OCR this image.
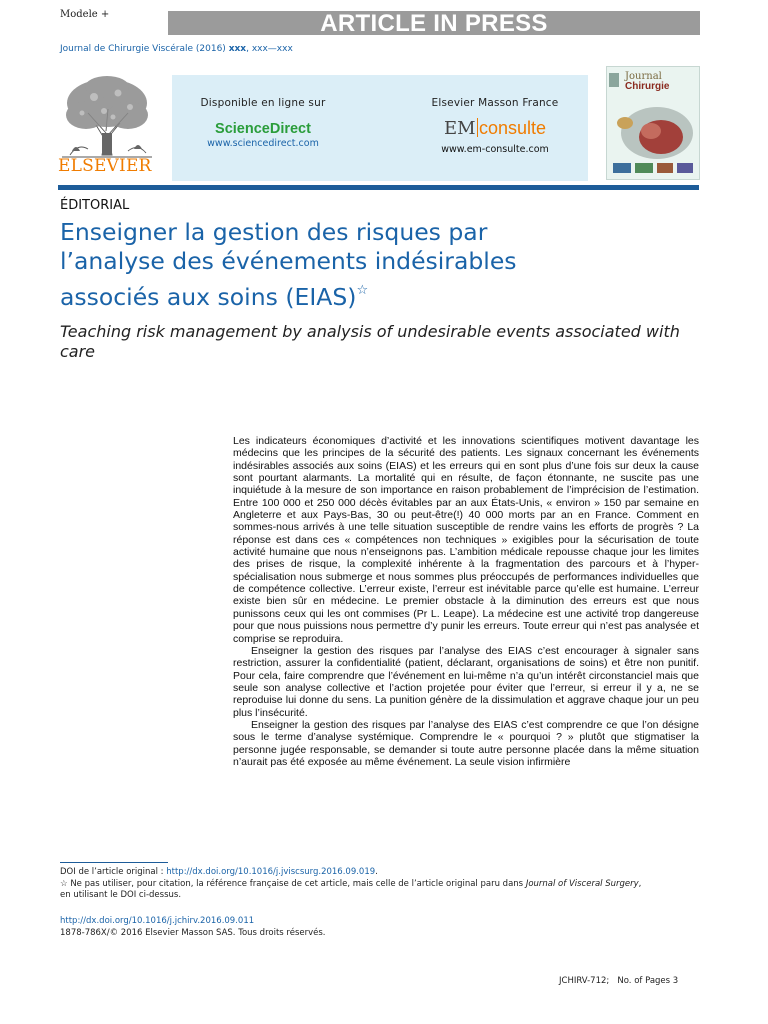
Modele +	ARTICLE IN PRESS
Journal de Chirurgie Viscérale (2016) xxx, xxx—xxx
ELSEVIER
Disponible en ligne sur
ScienceDirect
www.sciencedirect.com
Elsevier Masson France
EM consulte
www.em-consulte.com
Journal
Chirurgie
ÉDITORIAL
Enseigner la gestion des risques par
l’analyse des événements indésirables
associés aux soins (EIAS)☆
Teaching risk management by analysis of undesirable events associated with care

Les indicateurs économiques d’activité et les innovations scientifiques motivent davantage les médecins que les principes de la sécurité des patients. Les signaux concernant les événements indésirables associés aux soins (EIAS) et les erreurs qui en sont plus d’une fois sur deux la cause sont pourtant alarmants. La mortalité qui en résulte, de façon étonnante, ne suscite pas une inquiétude à la mesure de son importance en raison probablement de l’imprécision de l’estimation. Entre 100 000 et 250 000 décès évitables par an aux États-Unis, « environ » 150 par semaine en Angleterre et aux Pays-Bas, 30 ou peut-être(!) 40 000 morts par an en France. Comment en sommes-nous arrivés à une telle situation susceptible de rendre vains les efforts de progrès ? La réponse est dans ces « compétences non techniques » exigibles pour la sécurisation de toute activité humaine que nous n’enseignons pas. L’ambition médicale repousse chaque jour les limites des prises de risque, la complexité inhérente à la fragmentation des parcours et à l’hyper-spécialisation nous submerge et nous sommes plus préoccupés de performances individuelles que de compétence collective. L’erreur existe, l’erreur est inévitable parce qu’elle est humaine. L’erreur existe bien sûr en médecine. Le premier obstacle à la diminution des erreurs est que nous punissons ceux qui les ont commises (Pr L. Leape). La médecine est une activité trop dangereuse pour que nous puissions nous permettre d’y punir les erreurs. Toute erreur qui n’est pas analysée et comprise se reproduira.

Enseigner la gestion des risques par l’analyse des EIAS c’est encourager à signaler sans restriction, assurer la confidentialité (patient, déclarant, organisations de soins) et être non punitif. Pour cela, faire comprendre que l’événement en lui-même n’a qu’un intérêt circonstanciel mais que seule son analyse collective et l’action projetée pour éviter que l’erreur, si erreur il y a, ne se reproduise lui donne du sens. La punition génère de la dissimulation et aggrave chaque jour un peu plus l’insécurité.

Enseigner la gestion des risques par l’analyse des EIAS c’est comprendre ce que l’on désigne sous le terme d’analyse systémique. Comprendre le « pourquoi ? » plutôt que stigmatiser la personne jugée responsable, se demander si toute autre personne placée dans la même situation n’aurait pas été exposée au même événement. La seule vision infirmière

DOI de l’article original : http://dx.doi.org/10.1016/j.jviscsurg.2016.09.019.
☆ Ne pas utiliser, pour citation, la référence française de cet article, mais celle de l’article original paru dans Journal of Visceral Surgery,
en utilisant le DOI ci-dessus.
http://dx.doi.org/10.1016/j.jchirv.2016.09.011
1878-786X/© 2016 Elsevier Masson SAS. Tous droits réservés.
JCHIRV-712; No. of Pages 3
